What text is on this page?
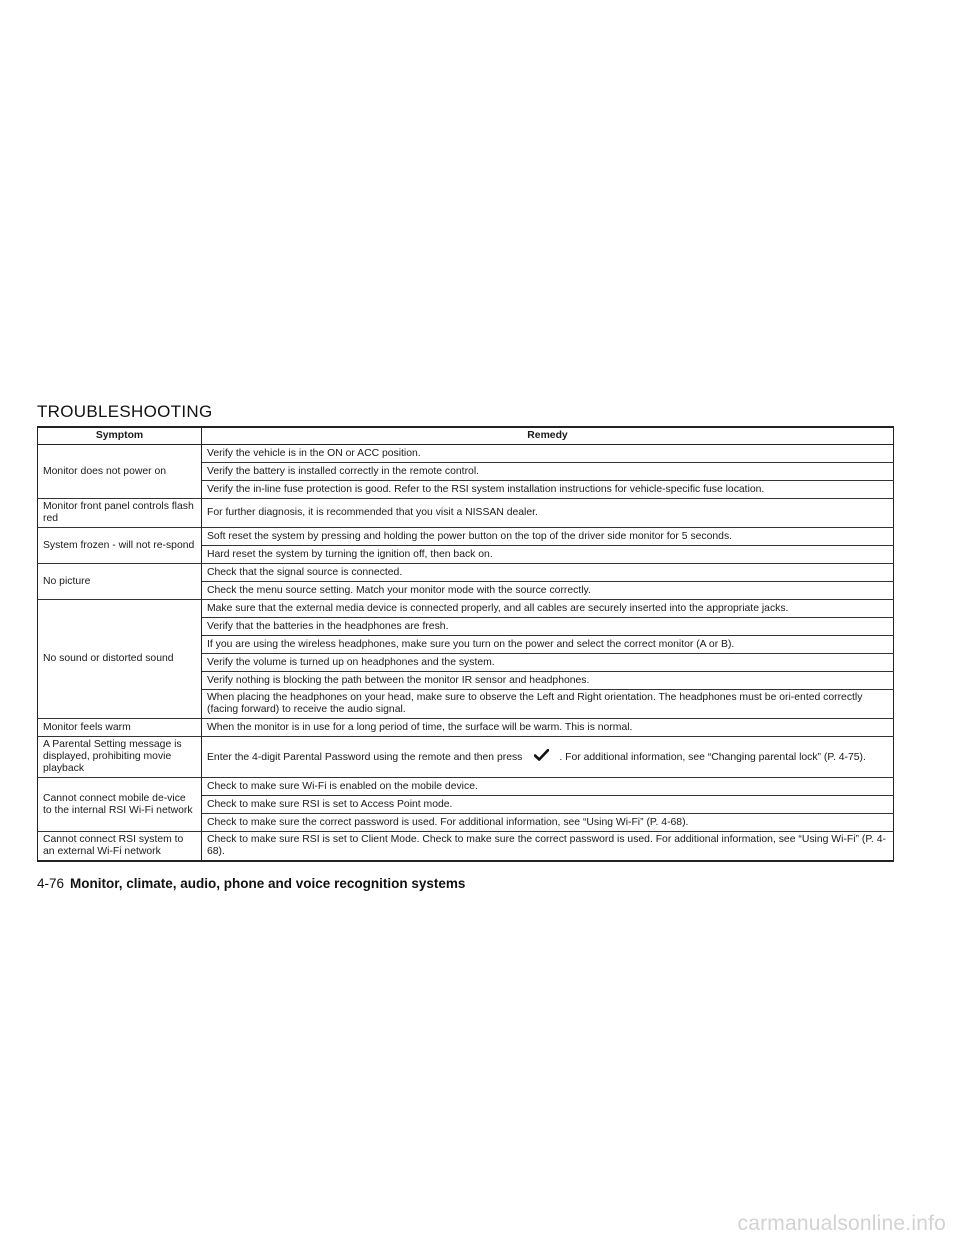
TROUBLESHOOTING
Symptom	Remedy
Monitor does not power on	Verify the vehicle is in the ON or ACC position.
	Verify the battery is installed correctly in the remote control.
	Verify the in-line fuse protection is good. Refer to the RSI system installation instructions for vehicle-specific fuse location.
Monitor front panel controls flash red	For further diagnosis, it is recommended that you visit a NISSAN dealer.
System frozen - will not re-spond	Soft reset the system by pressing and holding the power button on the top of the driver side monitor for 5 seconds.
	Hard reset the system by turning the ignition off, then back on.
No picture	Check that the signal source is connected.
	Check the menu source setting. Match your monitor mode with the source correctly.
No sound or distorted sound	Make sure that the external media device is connected properly, and all cables are securely inserted into the appropriate jacks.
	Verify that the batteries in the headphones are fresh.
	If you are using the wireless headphones, make sure you turn on the power and select the correct monitor (A or B).
	Verify the volume is turned up on headphones and the system.
	Verify nothing is blocking the path between the monitor IR sensor and headphones.
	When placing the headphones on your head, make sure to observe the Left and Right orientation. The headphones must be ori-ented correctly (facing forward) to receive the audio signal.
Monitor feels warm	When the monitor is in use for a long period of time, the surface will be warm. This is normal.
A Parental Setting message is displayed, prohibiting movie playback	Enter the 4-digit Parental Password using the remote and then press . For additional information, see “Changing parental lock” (P. 4-75).
Cannot connect mobile de-vice to the internal RSI Wi-Fi network	Check to make sure Wi-Fi is enabled on the mobile device.
	Check to make sure RSI is set to Access Point mode.
	Check to make sure the correct password is used. For additional information, see “Using Wi-Fi” (P. 4-68).
Cannot connect RSI system to an external Wi-Fi network	Check to make sure RSI is set to Client Mode. Check to make sure the correct password is used. For additional information, see “Using Wi-Fi” (P. 4-68).

4-76 Monitor, climate, audio, phone and voice recognition systems

carmanualsonline.info
